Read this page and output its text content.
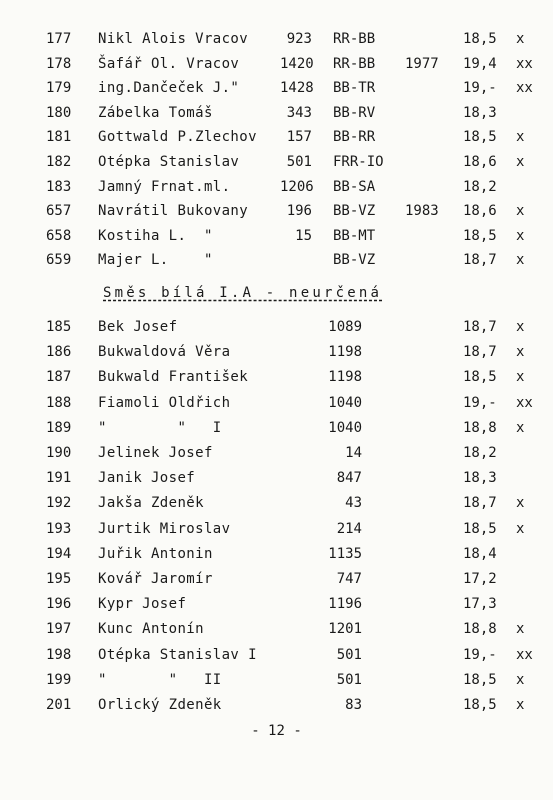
177 Nikl Alois Vracov	923 RR-BB	18,5 x
178 Šafář Ol. Vracov	1420 RR-BB 1977 19,4 xx
179 ing.Dančeček J."	1428 BB-TR	19,- xx
180 Zábelka Tomáš	343 BB-RV	18,3
181 Gottwald P.Zlechov	157 BB-RR	18,5 x
182 Otépka Stanislav	501 FRR-IO	18,6 x
183 Jamný Frnat.ml.	1206 BB-SA	18,2
657 Navrátil Bukovany	196 BB-VZ 1983 18,6 x
658 Kostiha L.  "	15 BB-MT	18,5 x
659 Majer L.    "	BB-VZ	18,7 x
Směs bílá I.A - neurčená
185 Bek Josef	1089	18,7 x
186 Bukwaldová Věra	1198	18,7 x
187 Bukwald František	1198	18,5 x
188 Fiamoli Oldřich	1040	19,- xx
189 "        "   I	1040	18,8 x
190 Jelinek Josef	14	18,2
191 Janik Josef	847	18,3
192 Jakša Zdeněk	43	18,7 x
193 Jurtik Miroslav	214	18,5 x
194 Juřik Antonin	1135	18,4
195 Kovář Jaromír	747	17,2
196 Kypr Josef	1196	17,3
197 Kunc Antonín	1201	18,8 x
198 Otépka Stanislav I	501	19,- xx
199 "       "   II	501	18,5 x
201 Orlický Zdeněk	83	18,5 x
- 12 -
